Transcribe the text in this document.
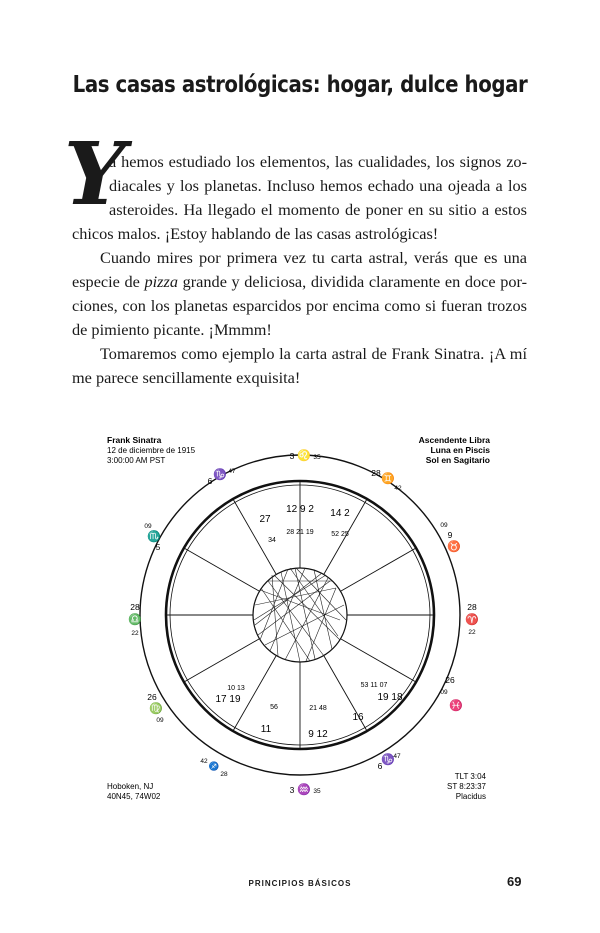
Las casas astrológicas: hogar, dulce hogar
Y
a hemos estudiado los elementos, las cualidades, los signos zo-
diacales y los planetas. Incluso hemos echado una ojeada a los
asteroides. Ha llegado el momento de poner en su sitio a estos
chicos malos. ¡Estoy hablando de las casas astrológicas!
Cuando mires por primera vez tu carta astral, verás que es una
especie de pizza grande y deliciosa, dividida claramente en doce por-
ciones, con los planetas esparcidos por encima como si fueran trozos
de pimiento picante. ¡Mmmm!
Tomaremos como ejemplo la carta astral de Frank Sinatra. ¡A mí
me parece sencillamente exquisita!
Frank Sinatra
12 de diciembre de 1915
3:00:00 AM PST
Ascendente Libra
Luna en Piscis
Sol en Sagitario
Hoboken, NJ
40N45, 74W02
TLT 3:04
ST 8:23:37
Placidus
3 ♌ 35
28 ♊
42
09
9
♉
28
♈
22
26
09
♓
6
♑
47
3 ♒ 35
42 ♐
28
26
♍
09
28
♎
22
09
♏
5
6 ♑ 47
12 9 2
28 21 19
14 2
52 25
27
34
17 19
10 13
11
56	21 48
9 12
19 18
53 11 07
16
PRINCIPIOS BÁSICOS	69
